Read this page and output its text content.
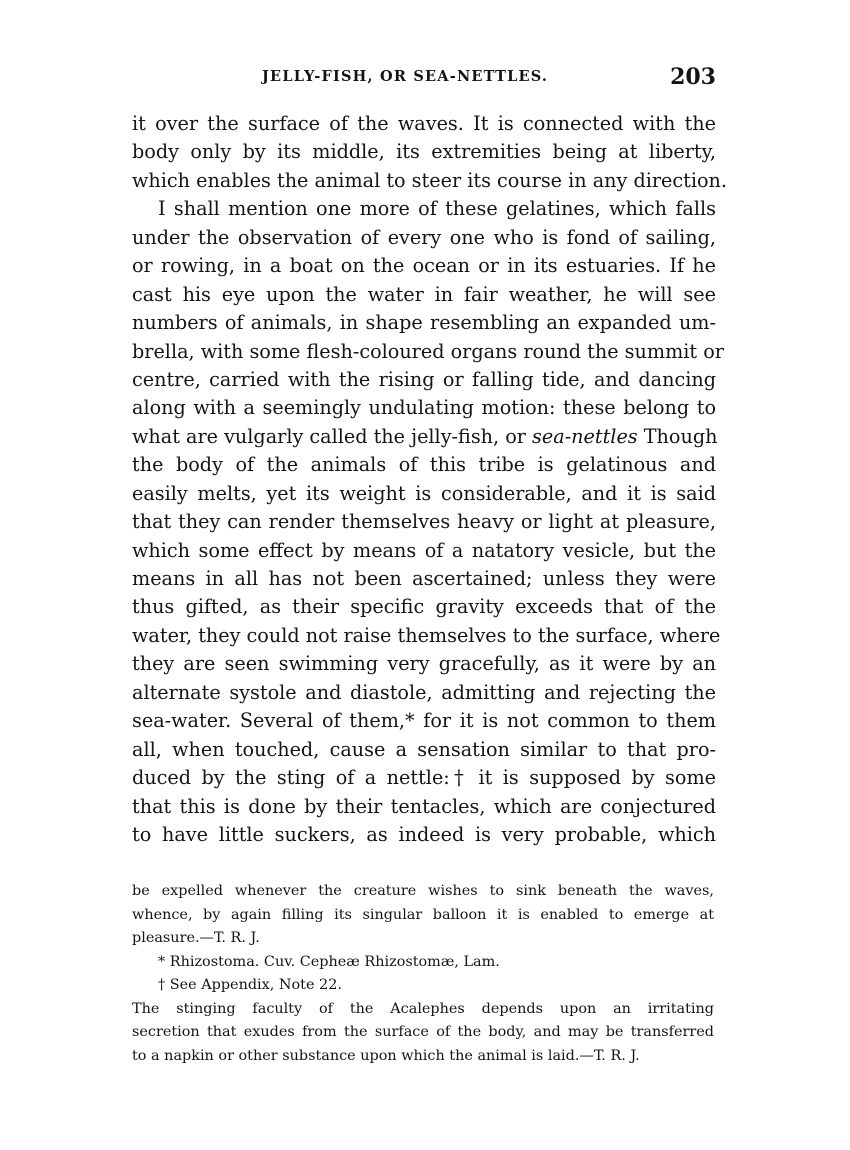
JELLY-FISH, OR SEA-NETTLES.	203
it over the surface of the waves. It is connected with the
body only by its middle, its extremities being at liberty,
which enables the animal to steer its course in any direction.
I shall mention one more of these gelatines, which falls
under the observation of every one who is fond of sailing,
or rowing, in a boat on the ocean or in its estuaries. If he
cast his eye upon the water in fair weather, he will see
numbers of animals, in shape resembling an expanded um-
brella, with some flesh-coloured organs round the summit or
centre, carried with the rising or falling tide, and dancing
along with a seemingly undulating motion: these belong to
what are vulgarly called the jelly-fish, or sea-nettles Though
the body of the animals of this tribe is gelatinous and
easily melts, yet its weight is considerable, and it is said
that they can render themselves heavy or light at pleasure,
which some effect by means of a natatory vesicle, but the
means in all has not been ascertained; unless they were
thus gifted, as their specific gravity exceeds that of the
water, they could not raise themselves to the surface, where
they are seen swimming very gracefully, as it were by an
alternate systole and diastole, admitting and rejecting the
sea-water. Several of them,* for it is not common to them
all, when touched, cause a sensation similar to that pro-
duced by the sting of a nettle:† it is supposed by some
that this is done by their tentacles, which are conjectured
to have little suckers, as indeed is very probable, which
be expelled whenever the creature wishes to sink beneath the waves,
whence, by again filling its singular balloon it is enabled to emerge at
pleasure.—T. R. J.
* Rhizostoma. Cuv. Cepheæ Rhizostomæ, Lam.
† See Appendix, Note 22.
The stinging faculty of the Acalephes depends upon an irritating
secretion that exudes from the surface of the body, and may be transferred
to a napkin or other substance upon which the animal is laid.—T. R. J.
